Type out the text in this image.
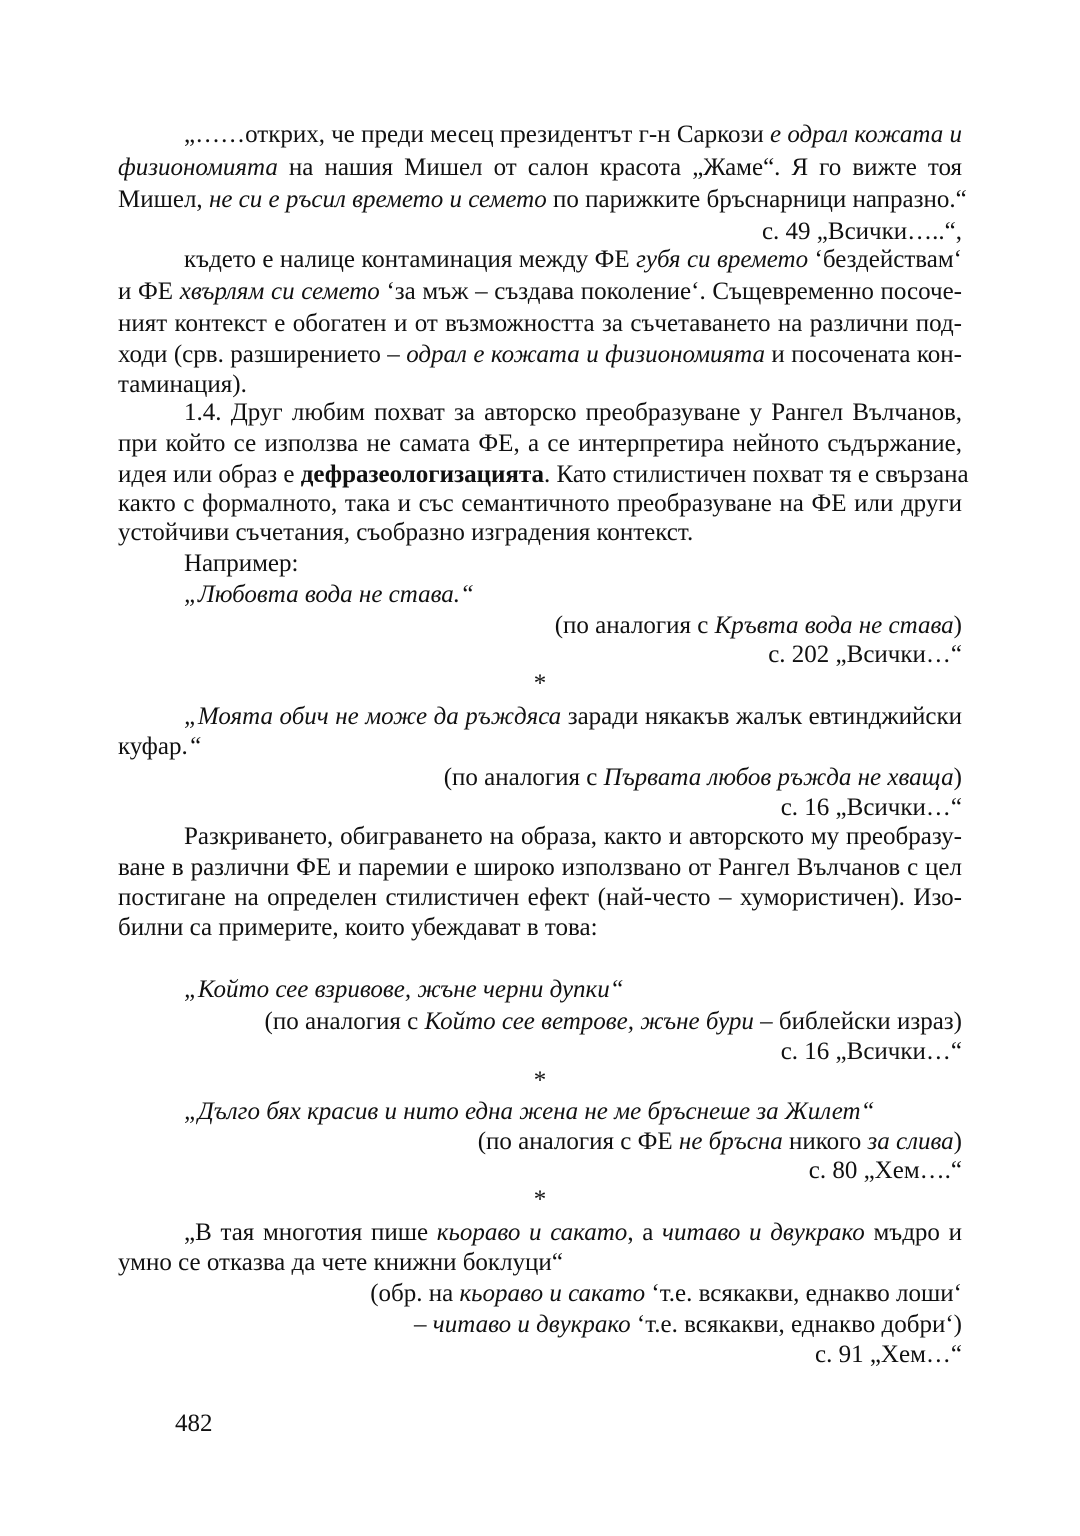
„……открих, че преди месец президентът г-н Саркози е одрал кожата и
физиономията на нашия Мишел от салон красота „Жаме“. Я го вижте тоя
Мишел, не си е ръсил времето и семето по парижките бръснарници напразно.“
с. 49 „Всички…..“,
където е налице контаминация между ФЕ губя си времето ‘бездействам‘
и ФЕ хвърлям си семето ‘за мъж – създава поколение‘. Същевременно посоче-
ният контекст е обогатен и от възможността за съчетаването на различни под-
ходи (срв. разширението – одрал е кожата и физиономията и посочената кон-
таминация).
1.4. Друг любим похват за авторско преобразуване у Рангел Вълчанов,
при който се използва не самата ФЕ, а се интерпретира нейното съдържание,
идея или образ е дефразеологизацията. Като стилистичен похват тя е свързана
както с формалното, така и със семантичното преобразуване на ФЕ или други
устойчиви съчетания, съобразно изградения контекст.
Например:
„Любовта вода не става.“
(по аналогия с Кръвта вода не става)
с. 202 „Всички…“
*
„Моята обич не може да ръждяса заради някакъв жалък евтинджийски
куфар.“
(по аналогия с Първата любов ръжда не хваща)
с. 16 „Всички…“
Разкриването, обиграването на образа, както и авторското му преобразу-
ване в различни ФЕ и паремии е широко използвано от Рангел Вълчанов с цел
постигане на определен стилистичен ефект (най-често – хумористичен). Изо-
билни са примерите, които убеждават в това:
„Който сее взривове, жъне черни дупки“
(по аналогия с Който сее ветрове, жъне бури – библейски израз)
с. 16 „Всички…“
*
„Дълго бях красив и нито една жена не ме бръснеше за Жилет“
(по аналогия с ФЕ не бръсна никого за слива)
с. 80 „Хем….“
*
„В тая многотия пише кьораво и сакато, а читаво и двукрако мъдро и
умно се отказва да чете книжни боклуци“
(обр. на кьораво и сакато ‘т.е. всякакви, еднакво лоши‘
– читаво и двукрако ‘т.е. всякакви, еднакво добри‘)
с. 91 „Хем…“
482
